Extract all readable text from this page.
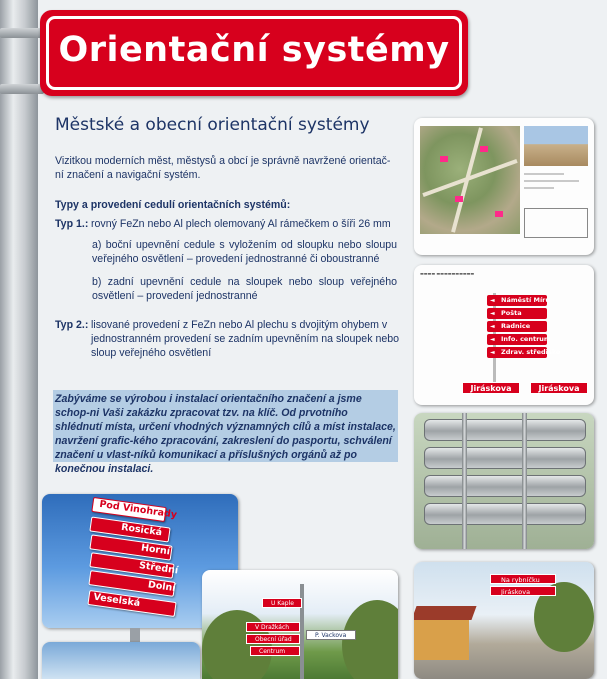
Orientační systémy
Městské a obecní orientační systémy
Vizitkou moderních měst, městysů a obcí je správně navržené orientač-ní značení a navigační systém.
Typy a provedení cedulí orientačních systémů:
Typ 1.: rovný FeZn nebo Al plech olemovaný Al rámečkem o šíři 26 mm
a) boční upevnění cedule s vyložením od sloupku nebo sloupu veřejného osvětlení – provedení jednostranné či oboustranné
b) zadní upevnění cedule na sloupek nebo sloup veřejného osvětlení – provedení jednostranné
Typ 2.: lisované provedení z FeZn nebo Al plechu s dvojitým ohybem v jednostranném provedení se zadním upevněním na sloupek nebo sloup veřejného osvětlení
Zabýváme se výrobou i instalací orientačního značení a jsme schop-ni Vaši zakázku zpracovat tzv. na klíč. Od prvotního shlédnutí místa, určení vhodných významných cílů a míst instalace, navržení grafic-kého zpracování, zakreslení do pasportu, schválení značení u vlast-níků komunikací a příslušných orgánů až po konečnou instalaci.
▬▬▬▬ ▬▬▬▬▬▬▬▬▬▬
◄ Náměstí Míru
◄ Pošta
◄ Radnice
◄ Info. centrum
◄ Zdrav. středisko
Jiráskova	Jiráskova
Na rybníčku
Jiráskova
Pod Vinohrady
Rosická
Horní
Střední
Dolní
Veselská
V Dražkách
Obecní úřad
Centrum
U Kaple
P. Vackova
